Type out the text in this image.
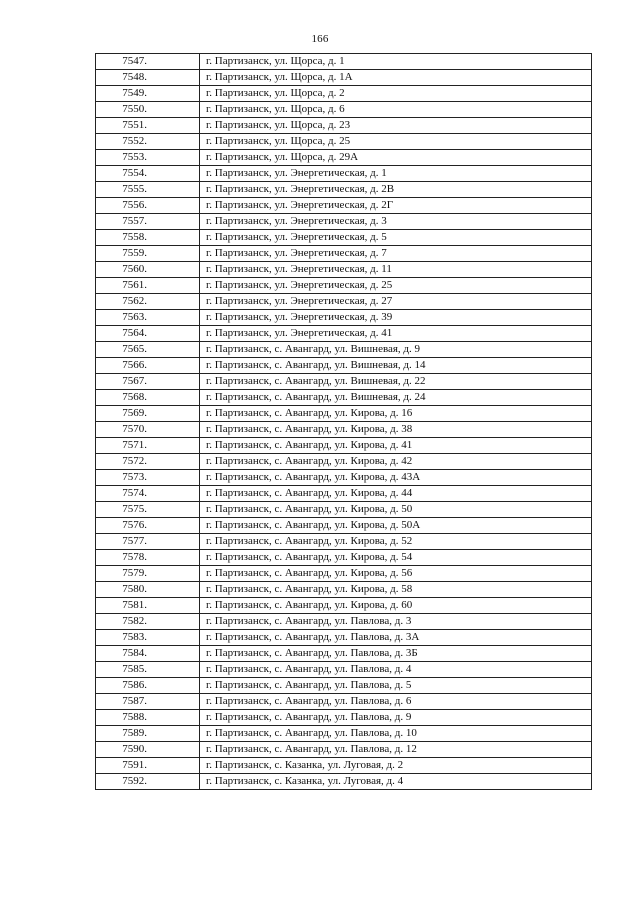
166
7547.	г. Партизанск, ул. Щорса, д. 1
7548.	г. Партизанск, ул. Щорса, д. 1А
7549.	г. Партизанск, ул. Щорса, д. 2
7550.	г. Партизанск, ул. Щорса, д. 6
7551.	г. Партизанск, ул. Щорса, д. 23
7552.	г. Партизанск, ул. Щорса, д. 25
7553.	г. Партизанск, ул. Щорса, д. 29А
7554.	г. Партизанск, ул. Энергетическая, д. 1
7555.	г. Партизанск, ул. Энергетическая, д. 2В
7556.	г. Партизанск, ул. Энергетическая, д. 2Г
7557.	г. Партизанск, ул. Энергетическая, д. 3
7558.	г. Партизанск, ул. Энергетическая, д. 5
7559.	г. Партизанск, ул. Энергетическая, д. 7
7560.	г. Партизанск, ул. Энергетическая, д. 11
7561.	г. Партизанск, ул. Энергетическая, д. 25
7562.	г. Партизанск, ул. Энергетическая, д. 27
7563.	г. Партизанск, ул. Энергетическая, д. 39
7564.	г. Партизанск, ул. Энергетическая, д. 41
7565.	г. Партизанск, с. Авангард, ул. Вишневая, д. 9
7566.	г. Партизанск, с. Авангард, ул. Вишневая, д. 14
7567.	г. Партизанск, с. Авангард, ул. Вишневая, д. 22
7568.	г. Партизанск, с. Авангард, ул. Вишневая, д. 24
7569.	г. Партизанск, с. Авангард, ул. Кирова, д. 16
7570.	г. Партизанск, с. Авангард, ул. Кирова, д. 38
7571.	г. Партизанск, с. Авангард, ул. Кирова, д. 41
7572.	г. Партизанск, с. Авангард, ул. Кирова, д. 42
7573.	г. Партизанск, с. Авангард, ул. Кирова, д. 43А
7574.	г. Партизанск, с. Авангард, ул. Кирова, д. 44
7575.	г. Партизанск, с. Авангард, ул. Кирова, д. 50
7576.	г. Партизанск, с. Авангард, ул. Кирова, д. 50А
7577.	г. Партизанск, с. Авангард, ул. Кирова, д. 52
7578.	г. Партизанск, с. Авангард, ул. Кирова, д. 54
7579.	г. Партизанск, с. Авангард, ул. Кирова, д. 56
7580.	г. Партизанск, с. Авангард, ул. Кирова, д. 58
7581.	г. Партизанск, с. Авангард, ул. Кирова, д. 60
7582.	г. Партизанск, с. Авангард, ул. Павлова, д. 3
7583.	г. Партизанск, с. Авангард, ул. Павлова, д. 3А
7584.	г. Партизанск, с. Авангард, ул. Павлова, д. 3Б
7585.	г. Партизанск, с. Авангард, ул. Павлова, д. 4
7586.	г. Партизанск, с. Авангард, ул. Павлова, д. 5
7587.	г. Партизанск, с. Авангард, ул. Павлова, д. 6
7588.	г. Партизанск, с. Авангард, ул. Павлова, д. 9
7589.	г. Партизанск, с. Авангард, ул. Павлова, д. 10
7590.	г. Партизанск, с. Авангард, ул. Павлова, д. 12
7591.	г. Партизанск, с. Казанка, ул. Луговая, д. 2
7592.	г. Партизанск, с. Казанка, ул. Луговая, д. 4
